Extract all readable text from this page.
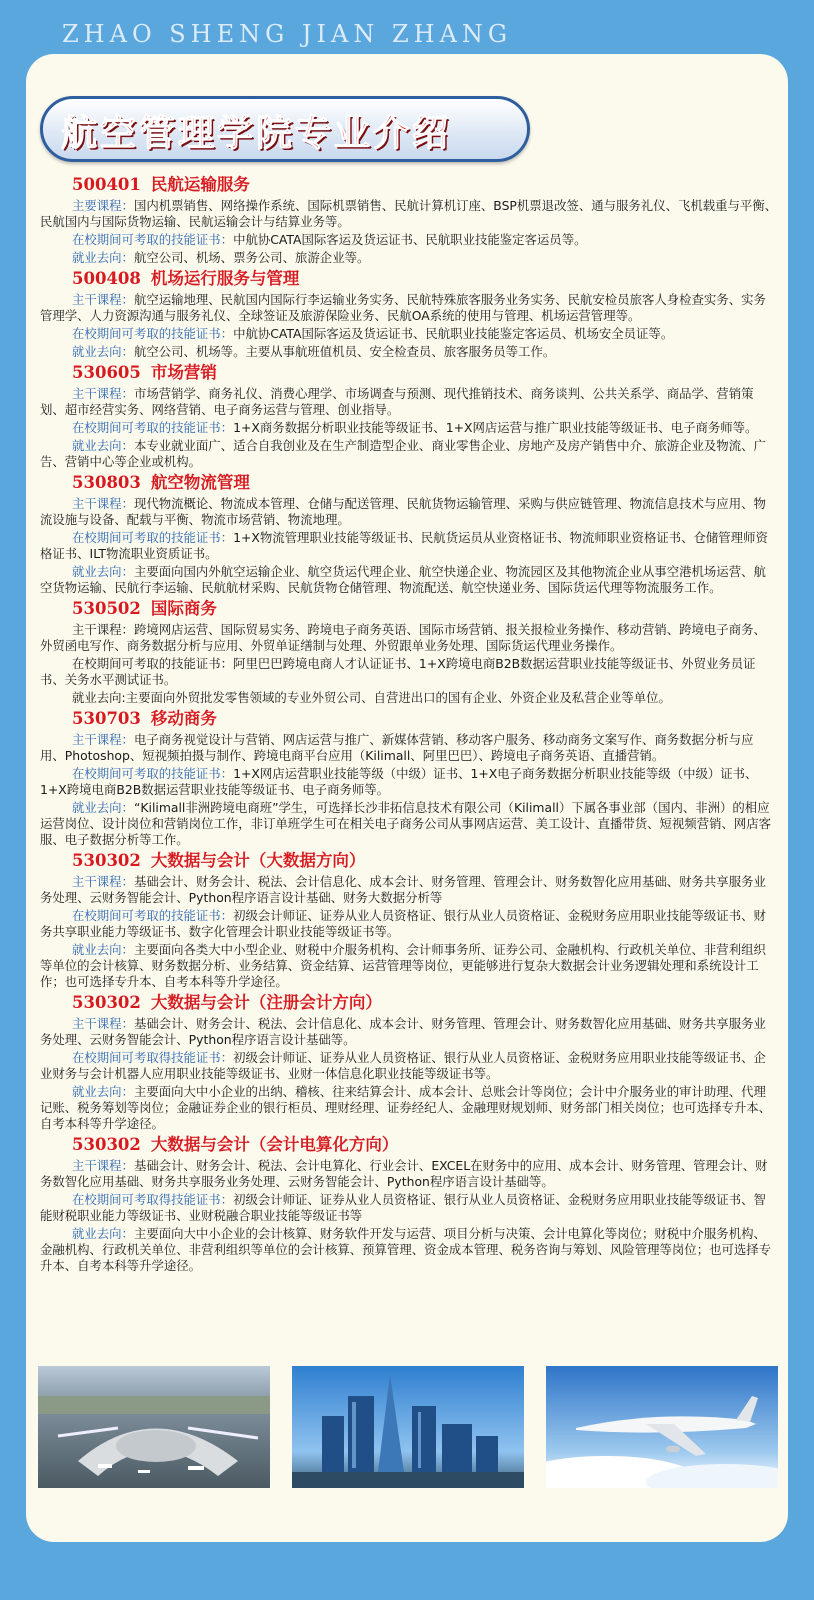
ZHAO SHENG JIAN ZHANG
航空管理学院专业介绍
500401 民航运输服务
主要课程：国内机票销售、网络操作系统、国际机票销售、民航计算机订座、BSP机票退改签、通与服务礼仪、飞机载重与平衡、民航国内与国际货物运输、民航运输会计与结算业务等。
在校期间可考取的技能证书：中航协CATA国际客运及货运证书、民航职业技能鉴定客运员等。
就业去向：航空公司、机场、票务公司、旅游企业等。
500408 机场运行服务与管理
主干课程：航空运输地理、民航国内国际行李运输业务实务、民航特殊旅客服务业务实务、民航安检员旅客人身检查实务、实务管理学、人力资源沟通与服务礼仪、全球签证及旅游保险业务、民航OA系统的使用与管理、机场运营管理等。
在校期间可考取的技能证书：中航协CATA国际客运及货运证书、民航职业技能鉴定客运员、机场安全员证等。
就业去向：航空公司、机场等。主要从事航班值机员、安全检查员、旅客服务员等工作。
530605 市场营销
主干课程：市场营销学、商务礼仪、消费心理学、市场调查与预测、现代推销技术、商务谈判、公共关系学、商品学、营销策划、超市经营实务、网络营销、电子商务运营与管理、创业指导。
在校期间可考取的技能证书：1+X商务数据分析职业技能等级证书、1+X网店运营与推广职业技能等级证书、电子商务师等。
就业去向：本专业就业面广、适合自我创业及在生产制造型企业、商业零售企业、房地产及房产销售中介、旅游企业及物流、广告、营销中心等企业或机构。
530803 航空物流管理
主干课程：现代物流概论、物流成本管理、仓储与配送管理、民航货物运输管理、采购与供应链管理、物流信息技术与应用、物流设施与设备、配载与平衡、物流市场营销、物流地理。
在校期间可考取的技能证书：1+X物流管理职业技能等级证书、民航货运员从业资格证书、物流师职业资格证书、仓储管理师资格证书、ILT物流职业资质证书。
就业去向：主要面向国内外航空运输企业、航空货运代理企业、航空快递企业、物流园区及其他物流企业从事空港机场运营、航空货物运输、民航行李运输、民航航材采购、民航货物仓储管理、物流配送、航空快递业务、国际货运代理等物流服务工作。
530502 国际商务
主干课程：跨境网店运营、国际贸易实务、跨境电子商务英语、国际市场营销、报关报检业务操作、移动营销、跨境电子商务、外贸函电写作、商务数据分析与应用、外贸单证缮制与处理、外贸跟单业务处理、国际货运代理业务操作。
在校期间可考取的技能证书：阿里巴巴跨境电商人才认证证书、1+X跨境电商B2B数据运营职业技能等级证书、外贸业务员证书、关务水平测试证书。
就业去向:主要面向外贸批发零售领域的专业外贸公司、自营进出口的国有企业、外资企业及私营企业等单位。
530703 移动商务
主干课程：电子商务视觉设计与营销、网店运营与推广、新媒体营销、移动客户服务、移动商务文案写作、商务数据分析与应用、Photoshop、短视频拍摄与制作、跨境电商平台应用（Kilimall、阿里巴巴）、跨境电子商务英语、直播营销。
在校期间可考取的技能证书：1+X网店运营职业技能等级（中级）证书、1+X电子商务数据分析职业技能等级（中级）证书、1+X跨境电商B2B数据运营职业技能等级证书、电子商务师等。
就业去向：“Kilimall非洲跨境电商班”学生，可选择长沙非拓信息技术有限公司（Kilimall）下属各事业部（国内、非洲）的相应运营岗位、设计岗位和营销岗位工作，非订单班学生可在相关电子商务公司从事网店运营、美工设计、直播带货、短视频营销、网店客服、电子数据分析等工作。
530302 大数据与会计（大数据方向）
主干课程：基础会计、财务会计、税法、会计信息化、成本会计、财务管理、管理会计、财务数智化应用基础、财务共享服务业务处理、云财务智能会计、Python程序语言设计基础、财务大数据分析等
在校期间可考取的技能证书：初级会计师证、证券从业人员资格证、银行从业人员资格证、金税财务应用职业技能等级证书、财务共享职业能力等级证书、数字化管理会计职业技能等级证书等。
就业去向：主要面向各类大中小型企业、财税中介服务机构、会计师事务所、证券公司、金融机构、行政机关单位、非营利组织等单位的会计核算、财务数据分析、业务结算、资金结算、运营管理等岗位，更能够进行复杂大数据会计业务逻辑处理和系统设计工作；也可选择专升本、自考本科等升学途径。
530302 大数据与会计（注册会计方向）
主干课程：基础会计、财务会计、税法、会计信息化、成本会计、财务管理、管理会计、财务数智化应用基础、财务共享服务业务处理、云财务智能会计、Python程序语言设计基础等。
在校期间可考取得技能证书：初级会计师证、证券从业人员资格证、银行从业人员资格证、金税财务应用职业技能等级证书、企业财务与会计机器人应用职业技能等级证书、业财一体信息化职业技能等级证书等。
就业去向：主要面向大中小企业的出纳、稽核、往来结算会计、成本会计、总账会计等岗位；会计中介服务业的审计助理、代理记账、税务筹划等岗位；金融证券企业的银行柜员、理财经理、证券经纪人、金融理财规划师、财务部门相关岗位；也可选择专升本、自考本科等升学途径。
530302 大数据与会计（会计电算化方向）
主干课程：基础会计、财务会计、税法、会计电算化、行业会计、EXCEL在财务中的应用、成本会计、财务管理、管理会计、财务数智化应用基础、财务共享服务业务处理、云财务智能会计、Python程序语言设计基础等。
在校期间可考取得技能证书：初级会计师证、证券从业人员资格证、银行从业人员资格证、金税财务应用职业技能等级证书、智能财税职业能力等级证书、业财税融合职业技能等级证书等
就业去向：主要面向大中小企业的会计核算、财务软件开发与运营、项目分析与决策、会计电算化等岗位；财税中介服务机构、金融机构、行政机关单位、非营利组织等单位的会计核算、预算管理、资金成本管理、税务咨询与筹划、风险管理等岗位；也可选择专升本、自考本科等升学途径。
